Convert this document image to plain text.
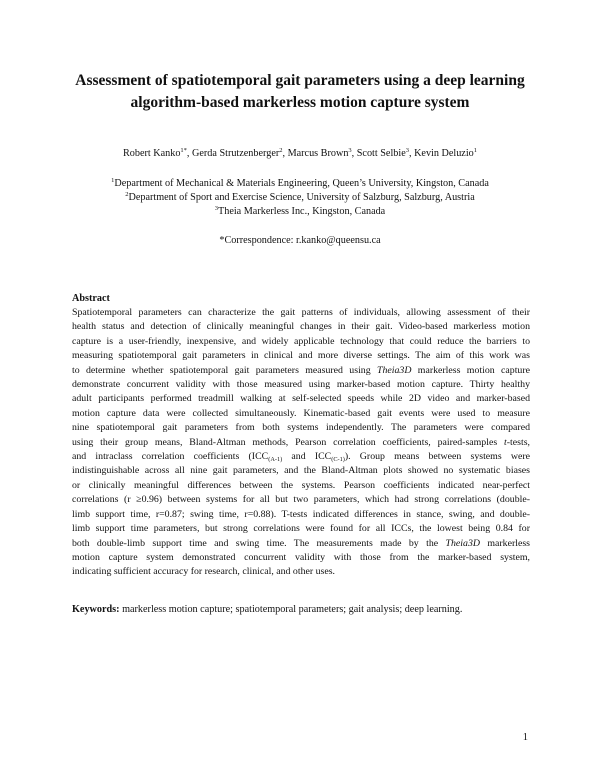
Assessment of spatiotemporal gait parameters using a deep learning
algorithm-based markerless motion capture system
Robert Kanko$^{1*}$, Gerda Strutzenberger$^2$, Marcus Brown$^3$, Scott Selbie$^3$, Kevin Deluzio$^1$
$^1$Department of Mechanical & Materials Engineering, Queen’s University, Kingston, Canada
$^2$Department of Sport and Exercise Science, University of Salzburg, Salzburg, Austria
$^3$Theia Markerless Inc., Kingston, Canada
*Correspondence: r.kanko@queensu.ca
Abstract
Spatiotemporal parameters can characterize the gait patterns of individuals, allowing assessment of their
health status and detection of clinically meaningful changes in their gait. Video-based markerless motion
capture is a user-friendly, inexpensive, and widely applicable technology that could reduce the barriers to
measuring spatiotemporal gait parameters in clinical and more diverse settings. The aim of this work was
to determine whether spatiotemporal gait parameters measured using Theia3D markerless motion capture
demonstrate concurrent validity with those measured using marker-based motion capture. Thirty healthy
adult participants performed treadmill walking at self-selected speeds while 2D video and marker-based
motion capture data were collected simultaneously. Kinematic-based gait events were used to measure
nine spatiotemporal gait parameters from both systems independently. The parameters were compared
using their group means, Bland-Altman methods, Pearson correlation coefficients, paired-samples t-tests,
and intraclass correlation coefficients ($ICC_{(A-1)}$ and $ICC_{(C-1)}$). Group means between systems were
indistinguishable across all nine gait parameters, and the Bland-Altman plots showed no systematic biases
or clinically meaningful differences between the systems. Pearson coefficients indicated near-perfect
correlations (r ≥0.96) between systems for all but two parameters, which had strong correlations (double-
limb support time, r=0.87; swing time, r=0.88). T-tests indicated differences in stance, swing, and double-
limb support time parameters, but strong correlations were found for all ICCs, the lowest being 0.84 for
both double-limb support time and swing time. The measurements made by the Theia3D markerless
motion capture system demonstrated concurrent validity with those from the marker-based system,
indicating sufficient accuracy for research, clinical, and other uses.
Keywords: markerless motion capture; spatiotemporal parameters; gait analysis; deep learning.
1
